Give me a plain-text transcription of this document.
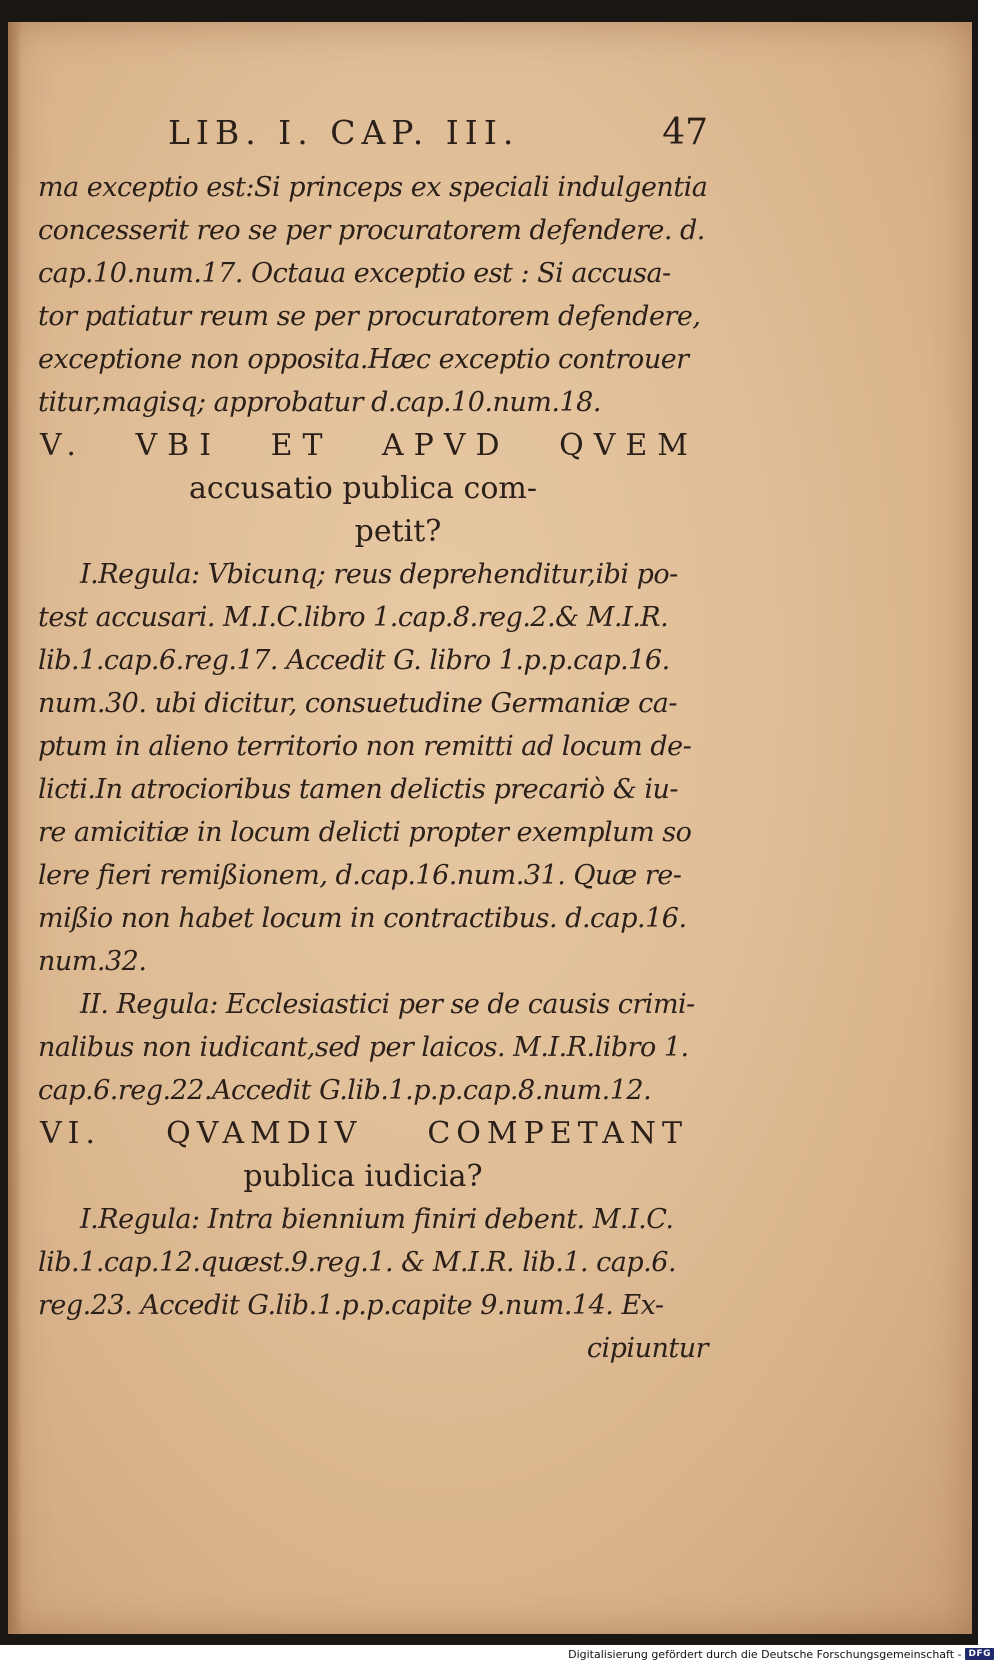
LIB. I. CAP. III.	47
ma exceptio est:Si princeps ex speciali indulgentia
concesserit reo se per procuratorem defendere. d.
cap.10.num.17. Octaua exceptio est : Si accusa-
tor patiatur reum se per procuratorem defendere,
exceptione non opposita.Hæc exceptio controuer
titur,magisq; approbatur d.cap.10.num.18.
V. VBI ET APVD QVEM
accusatio publica com-
petit?
I.Regula: Vbicunq; reus deprehenditur,ibi po-
test accusari. M.I.C.libro 1.cap.8.reg.2.& M.I.R.
lib.1.cap.6.reg.17. Accedit G. libro 1.p.p.cap.16.
num.30. ubi dicitur, consuetudine Germaniæ ca-
ptum in alieno territorio non remitti ad locum de-
licti.In atrocioribus tamen delictis precariò & iu-
re amicitiæ in locum delicti propter exemplum so
lere fieri remißionem, d.cap.16.num.31. Quæ re-
mißio non habet locum in contractibus. d.cap.16.
num.32.
II. Regula: Ecclesiastici per se de causis crimi-
nalibus non iudicant,sed per laicos. M.I.R.libro 1.
cap.6.reg.22.Accedit G.lib.1.p.p.cap.8.num.12.
VI. QVAMDIV COMPETANT
publica iudicia?
I.Regula: Intra biennium finiri debent. M.I.C.
lib.1.cap.12.quæst.9.reg.1. & M.I.R. lib.1. cap.6.
reg.23. Accedit G.lib.1.p.p.capite 9.num.14. Ex-
cipiuntur
Digitalisierung gefördert durch die Deutsche Forschungsgemeinschaft - DFG
